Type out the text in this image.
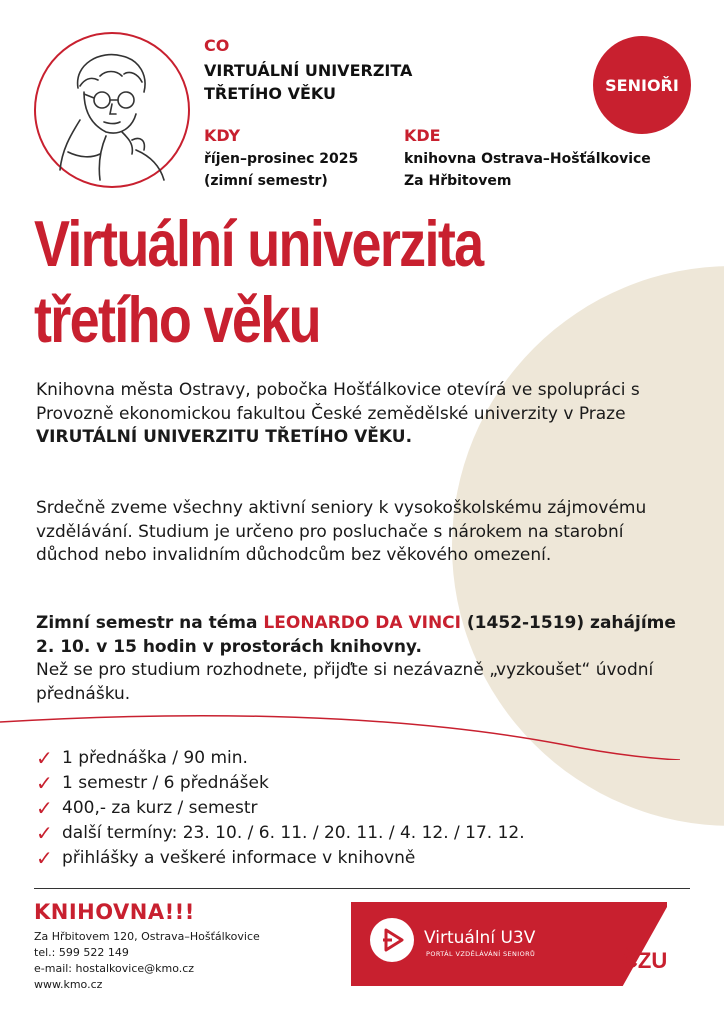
CO
VIRTUÁLNÍ UNIVERZITA
TŘETÍHO VĚKU
KDY
říjen–prosinec 2025
(zimní semestr)
KDE
knihovna Ostrava–Hošťálkovice
Za Hřbitovem
SENIOŘI
Virtuální univerzita
třetího věku
Knihovna města Ostravy, pobočka Hošťálkovice otevírá ve spolupráci s Provozně ekonomickou fakultou České zemědělské univerzity v Praze VIRUTÁLNÍ UNIVERZITU TŘETÍHO VĚKU.
Srdečně zveme všechny aktivní seniory k vysokoškolskému zájmovému vzdělávání. Studium je určeno pro posluchače s nárokem na starobní důchod nebo invalidním důchodcům bez věkového omezení.
Zimní semestr na téma LEONARDO DA VINCI (1452-1519) zahájíme 2. 10. v 15 hodin v prostorách knihovny.
Než se pro studium rozhodnete, přijďte si nezávazně „vyzkoušet“ úvodní přednášku.
✓ 1 přednáška / 90 min.
✓ 1 semestr / 6 přednášek
✓ 400,- za kurz / semestr
✓ další termíny: 23. 10. / 6. 11. / 20. 11. / 4. 12. / 17. 12.
✓ přihlášky a veškeré informace v knihovně
KNIHOVNA!!!
Za Hřbitovem 120, Ostrava–Hošťálkovice
tel.: 599 522 149
e-mail: hostalkovice@kmo.cz
www.kmo.cz
Virtuální U3V
PORTÁL VZDĚLÁVÁNÍ SENIORŮ	ČZU
